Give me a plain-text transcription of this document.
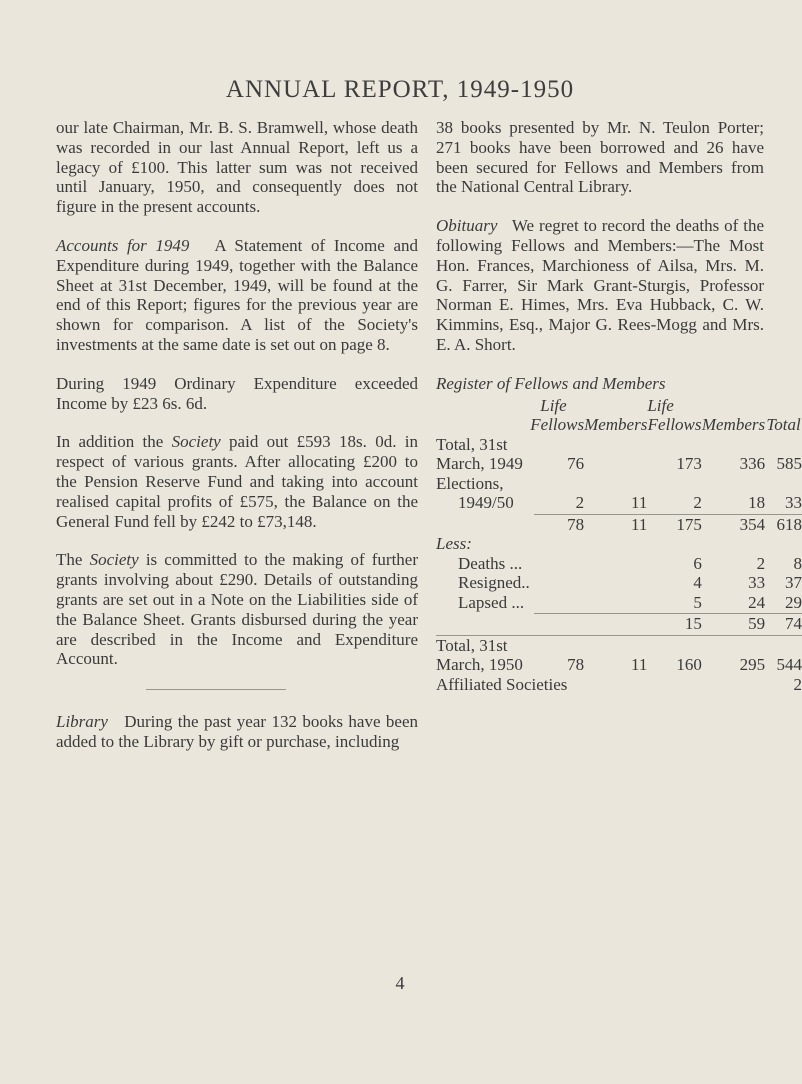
ANNUAL REPORT, 1949-1950

our late Chairman, Mr. B. S. Bramwell, whose death was recorded in our last Annual Report, left us a legacy of £100. This latter sum was not received until January, 1950, and consequently does not figure in the present accounts.

Accounts for 1949 A Statement of Income and Expenditure during 1949, together with the Balance Sheet at 31st December, 1949, will be found at the end of this Report; figures for the previous year are shown for comparison. A list of the Society's investments at the same date is set out on page 8.

During 1949 Ordinary Expenditure exceeded Income by £23 6s. 6d.

In addition the Society paid out £593 18s. 0d. in respect of various grants. After allocating £200 to the Pension Reserve Fund and taking into account realised capital profits of £575, the Balance on the General Fund fell by £242 to £73,148.

The Society is committed to the making of further grants involving about £290. Details of outstanding grants are set out in a Note on the Liabilities side of the Balance Sheet. Grants disbursed during the year are described in the Income and Expenditure Account.

Library During the past year 132 books have been added to the Library by gift or purchase, including

38 books presented by Mr. N. Teulon Porter; 271 books have been borrowed and 26 have been secured for Fellows and Members from the National Central Library.

Obituary We regret to record the deaths of the following Fellows and Members:—The Most Hon. Frances, Marchioness of Ailsa, Mrs. M. G. Farrer, Sir Mark Grant-Sturgis, Professor Norman E. Himes, Mrs. Eva Hubback, C. W. Kimmins, Esq., Major G. Rees-Mogg and Mrs. E. A. Short.

Register of Fellows and Members
	Life		Life		
	Fellows	Members	Fellows	Members	Total
Total, 31st					
March, 1949	76		173	336	585
Elections,					
1949/50	2	11	2	18	33

	78	11	175	354	618
Less:					
Deaths ...			6	2	8
Resigned..			4	33	37
Lapsed ...			5	24	29

			15	59	74

Total, 31st					
March, 1950	78	11	160	295	544
Affiliated Societies					2
4
